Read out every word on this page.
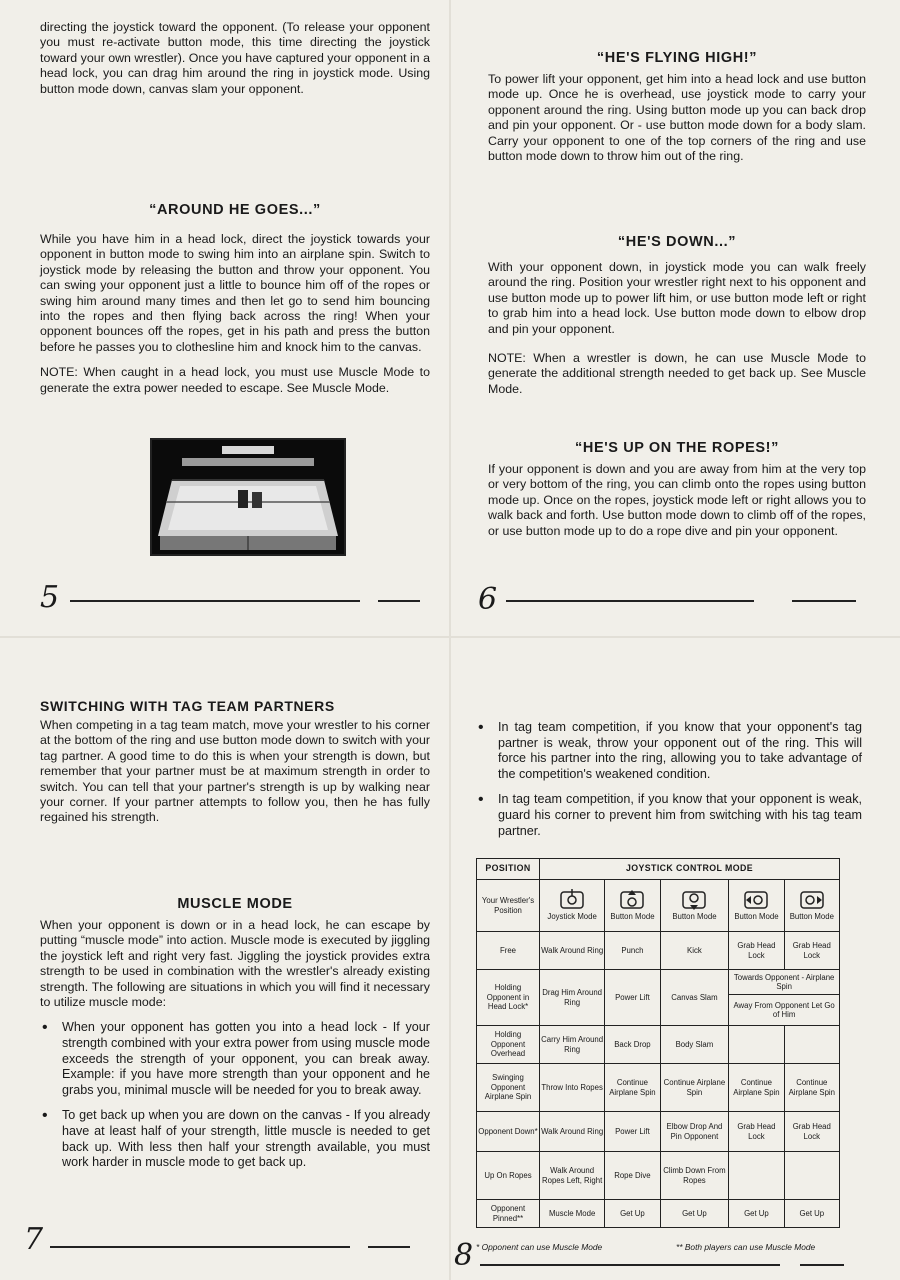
directing the joystick toward the opponent. (To release your opponent you must re-activate button mode, this time directing the joystick toward your own wrestler). Once you have captured your opponent in a head lock, you can drag him around the ring in joystick mode. Using button mode down, canvas slam your opponent.

“AROUND HE GOES...”

While you have him in a head lock, direct the joystick towards your opponent in button mode to swing him into an airplane spin. Switch to joystick mode by releasing the button and throw your opponent. You can swing your opponent just a little to bounce him off of the ropes or swing him around many times and then let go to send him bouncing into the ropes and then flying back across the ring! When your opponent bounces off the ropes, get in his path and press the button before he passes you to clothesline him and knock him to the canvas.

NOTE: When caught in a head lock, you must use Muscle Mode to generate the extra power needed to escape. See Muscle Mode.

5
“HE'S FLYING HIGH!”

To power lift your opponent, get him into a head lock and use button mode up. Once he is overhead, use joystick mode to carry your opponent around the ring. Using button mode up you can back drop and pin your opponent. Or - use button mode down for a body slam. Carry your opponent to one of the top corners of the ring and use button mode down to throw him out of the ring.

“HE'S DOWN...”

With your opponent down, in joystick mode you can walk freely around the ring. Position your wrestler right next to his opponent and use button mode up to power lift him, or use button mode left or right to grab him into a head lock. Use button mode down to elbow drop and pin your opponent.

NOTE: When a wrestler is down, he can use Muscle Mode to generate the additional strength needed to get back up. See Muscle Mode.

“HE'S UP ON THE ROPES!”

If your opponent is down and you are away from him at the very top or very bottom of the ring, you can climb onto the ropes using button mode up. Once on the ropes, joystick mode left or right allows you to walk back and forth. Use button mode down to climb off of the ropes, or use button mode up to do a rope dive and pin your opponent.

6
SWITCHING WITH TAG TEAM PARTNERS

When competing in a tag team match, move your wrestler to his corner at the bottom of the ring and use button mode down to switch with your tag partner. A good time to do this is when your strength is down, but remember that your partner must be at maximum strength in order to switch. You can tell that your partner's strength is up by walking near your corner. If your partner attempts to follow you, then he has fully regained his strength.

MUSCLE MODE

When your opponent is down or in a head lock, he can escape by putting “muscle mode” into action. Muscle mode is executed by jiggling the joystick left and right very fast. Jiggling the joystick provides extra strength to be used in combination with the wrestler's already existing strength. The following are situations in which you will find it necessary to utilize muscle mode:

• When your opponent has gotten you into a head lock - If your strength combined with your extra power from using muscle mode exceeds the strength of your opponent, you can break away. Example: if you have more strength than your opponent and he grabs you, minimal muscle will be needed for you to break away.
• To get back up when you are down on the canvas - If you already have at least half of your strength, little muscle is needed to get back up. With less then half your strength available, you must work harder in muscle mode to get back up.
7
• In tag team competition, if you know that your opponent's tag partner is weak, throw your opponent out of the ring. This will force his partner into the ring, allowing you to take advantage of the competition's weakened condition.
• In tag team competition, if you know that your opponent is weak, guard his corner to prevent him from switching with his tag team partner.
POSITION	JOYSTICK CONTROL MODE				
Your Wrestler's Position	Joystick Mode	Button Mode	Button Mode	Button Mode	Button Mode
Free	Walk Around Ring	Punch	Kick	Grab Head Lock	Grab Head Lock
Holding Opponent in Head Lock*	Drag Him Around Ring	Power Lift	Canvas Slam	Towards Opponent - Airplane Spin	
				Away From Opponent Let Go of Him	
Holding Opponent Overhead	Carry Him Around Ring	Back Drop	Body Slam		
Swinging Opponent Airplane Spin	Throw Into Ropes	Continue Airplane Spin	Continue Airplane Spin	Continue Airplane Spin	Continue Airplane Spin
Opponent Down*	Walk Around Ring	Power Lift	Elbow Drop And Pin Opponent	Grab Head Lock	Grab Head Lock
Up On Ropes	Walk Around Ropes Left, Right	Rope Dive	Climb Down From Ropes		
Opponent Pinned**	Muscle Mode	Get Up	Get Up	Get Up	Get Up
* Opponent can use Muscle Mode	** Both players can use Muscle Mode
8
